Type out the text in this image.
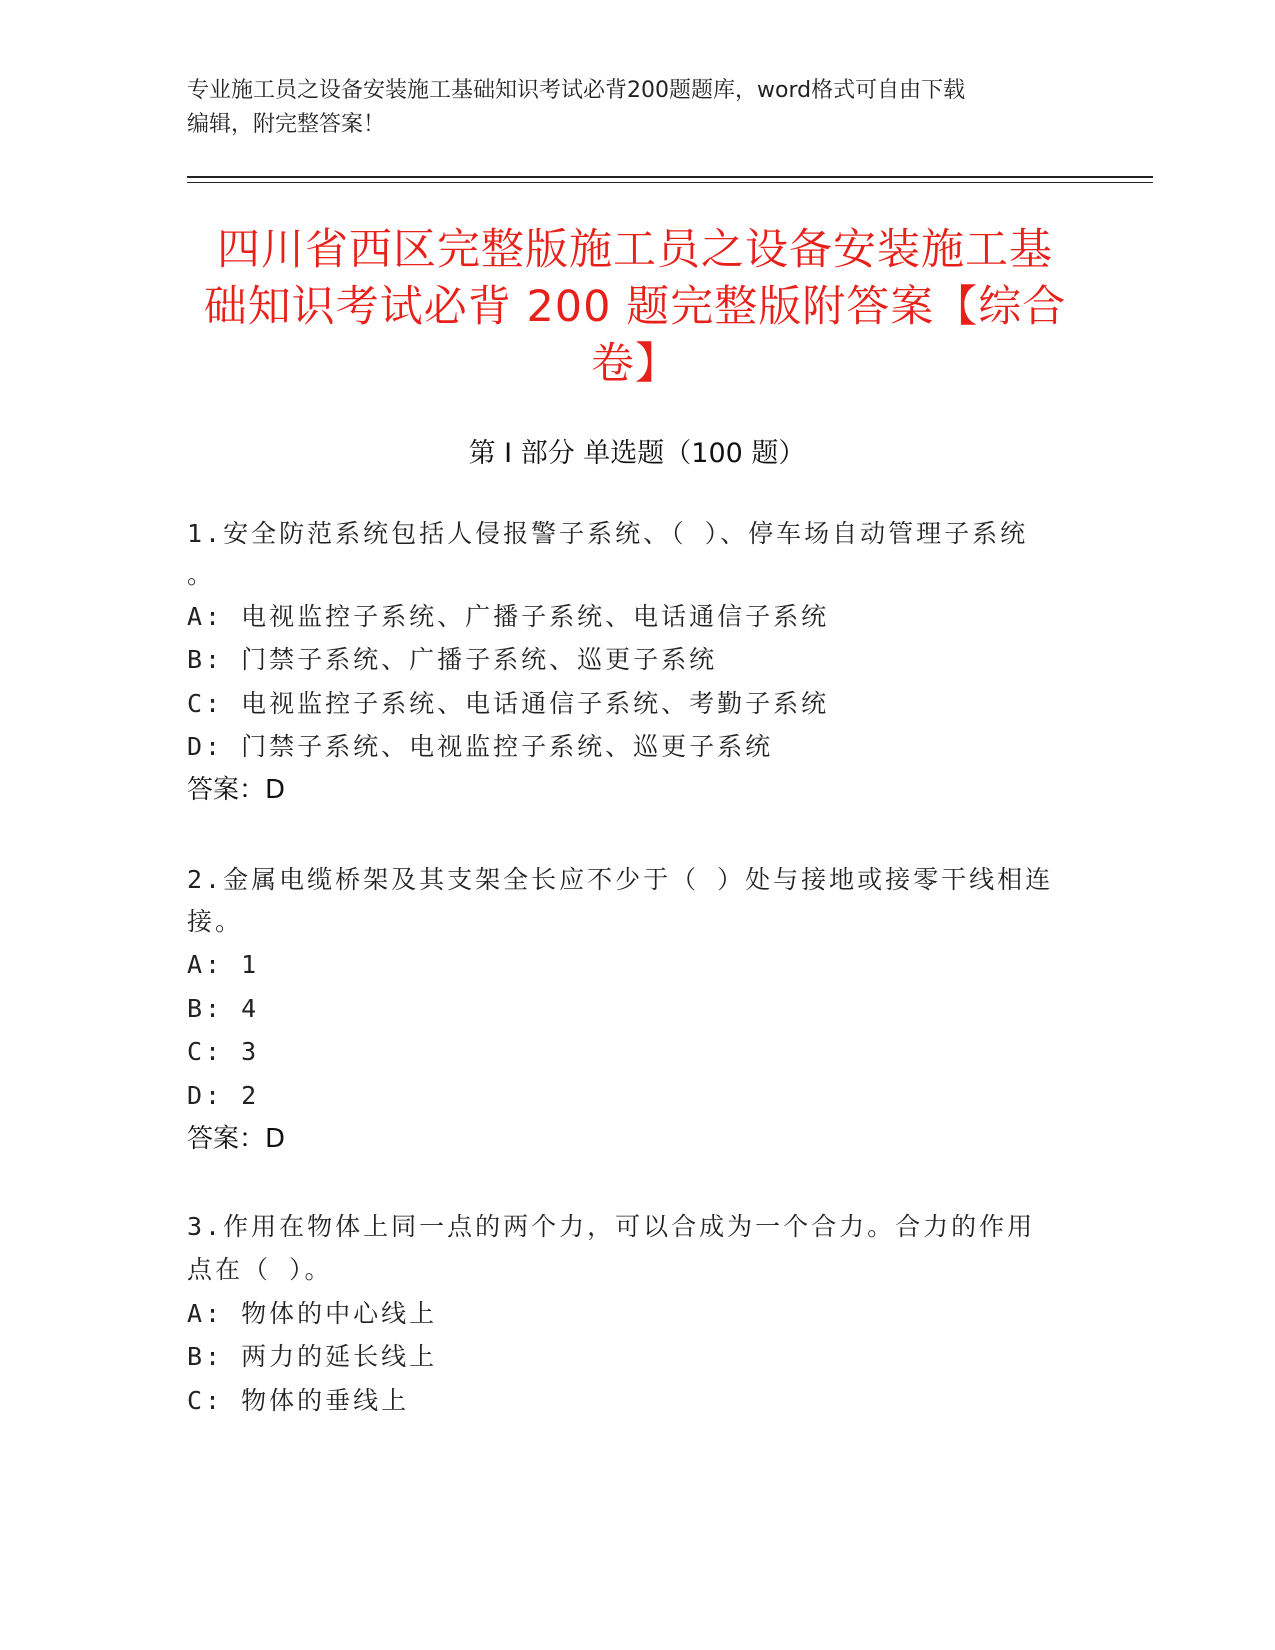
专业施工员之设备安装施工基础知识考试必背200题题库，word格式可自由下载
编辑，附完整答案！
四川省西区完整版施工员之设备安装施工基
础知识考试必背 200 题完整版附答案【综合
卷】
第 I 部分 单选题（100 题）
1.安全防范系统包括人侵报警子系统、（ ）、停车场自动管理子系统
。
A: 电视监控子系统、广播子系统、电话通信子系统
B: 门禁子系统、广播子系统、巡更子系统
C: 电视监控子系统、电话通信子系统、考勤子系统
D: 门禁子系统、电视监控子系统、巡更子系统
答案：D
2.金属电缆桥架及其支架全长应不少于（ ）处与接地或接零干线相连
接。
A: 1
B: 4
C: 3
D: 2
答案：D
3.作用在物体上同一点的两个力，可以合成为一个合力。合力的作用
点在（ ）。
A: 物体的中心线上
B: 两力的延长线上
C: 物体的垂线上
